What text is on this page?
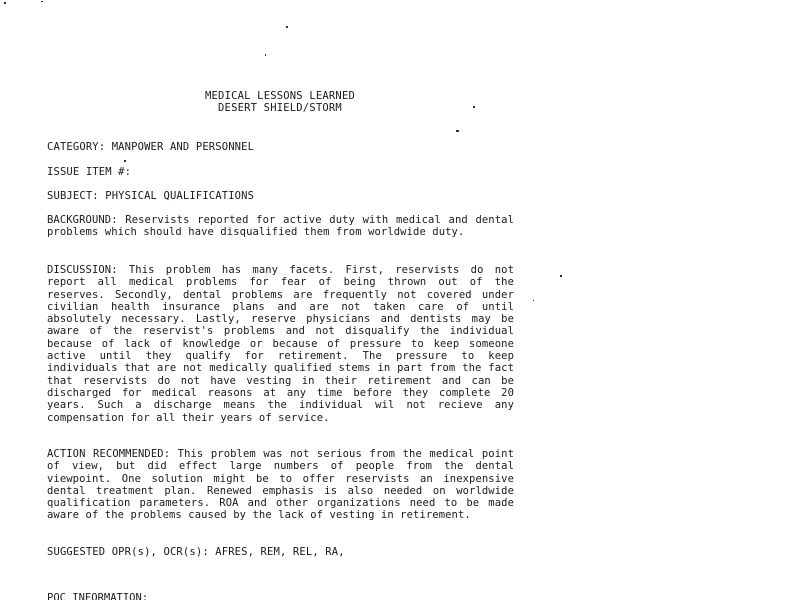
MEDICAL LESSONS LEARNED
DESERT SHIELD/STORM
CATEGORY: MANPOWER AND PERSONNEL
ISSUE ITEM #:
SUBJECT: PHYSICAL QUALIFICATIONS
BACKGROUND: Reservists reported for active duty with medical and dental problems which should have disqualified them from worldwide duty.
DISCUSSION: This problem has many facets. First, reservists do not report all medical problems for fear of being thrown out of the reserves. Secondly, dental problems are frequently not covered under civilian health insurance plans and are not taken care of until absolutely necessary. Lastly, reserve physicians and dentists may be aware of the reservist's problems and not disqualify the individual because of lack of knowledge or because of pressure to keep someone active until they qualify for retirement. The pressure to keep individuals that are not medically qualified stems in part from the fact that reservists do not have vesting in their retirement and can be discharged for medical reasons at any time before they complete 20 years. Such a discharge means the individual wil not recieve any compensation for all their years of service.
ACTION RECOMMENDED: This problem was not serious from the medical point of view, but did effect large numbers of people from the dental viewpoint. One solution might be to offer reservists an inexpensive dental treatment plan. Renewed emphasis is also needed on worldwide qualification parameters. ROA and other organizations need to be made aware of the problems caused by the lack of vesting in retirement.
SUGGESTED OPR(s), OCR(s): AFRES, REM, REL, RA,
POC INFORMATION:
